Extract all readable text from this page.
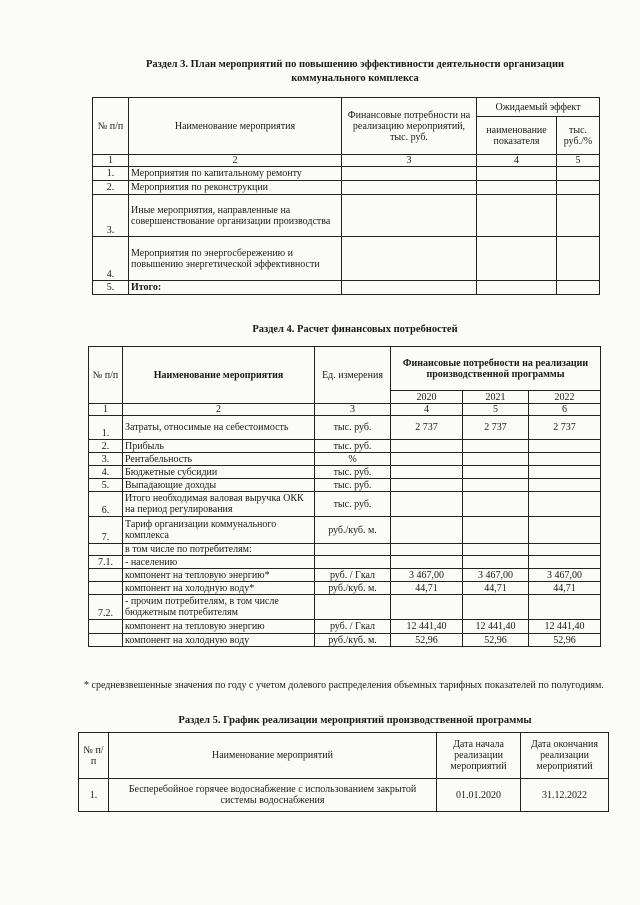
Раздел 3. План мероприятий по повышению эффективности деятельности организации
коммунального комплекса
№ п/п	Наименование мероприятия	Финансовые потребности на реализацию мероприятий, тыс. руб.	Ожидаемый эффект	
			наименование показателя	тыс. руб./%
1	2	3	4	5
1.	Мероприятия по капитальному ремонту			
2.	Мероприятия по реконструкции			
3.	Иные мероприятия, направленные на совершенствование организации производства			
4.	Мероприятия по энергосбережению и повышению энергетической эффективности			
5.	Итого:			
Раздел 4. Расчет финансовых потребностей
№ п/п	Наименование мероприятия	Ед. измерения	Финансовые потребности на реализации производственной программы		
			2020	2021	2022
1	2	3	4	5	6
1.	Затраты, относимые на себестоимость	тыс. руб.	2 737	2 737	2 737
2.	Прибыль	тыс. руб.			
3.	Рентабельность	%			
4.	Бюджетные субсидии	тыс. руб.			
5.	Выпадающие доходы	тыс. руб.			
6.	Итого необходимая валовая выручка ОКК на период регулирования	тыс. руб.			
7.	Тариф организации коммунального комплекса	руб./куб. м.			
	в том числе по потребителям:				
7.1.	- населению				
	компонент на тепловую энергию*	руб. / Гкал	3 467,00	3 467,00	3 467,00
	компонент на холодную воду*	руб./куб. м.	44,71	44,71	44,71
7.2.	- прочим потребителям, в том числе бюджетным потребителям				
	компонент на тепловую энергию	руб. / Гкал	12 441,40	12 441,40	12 441,40
	компонент на холодную воду	руб./куб. м.	52,96	52,96	52,96
* средневзвешенные значения по году с учетом долевого распределения объемных тарифных показателей по полугодиям.
Раздел 5. График реализации мероприятий производственной программы
№ п/п	Наименование мероприятий	Дата начала реализации мероприятий	Дата окончания реализации мероприятий
1.	Бесперебойное горячее водоснабжение с использованием закрытой системы водоснабжения	01.01.2020	31.12.2022
